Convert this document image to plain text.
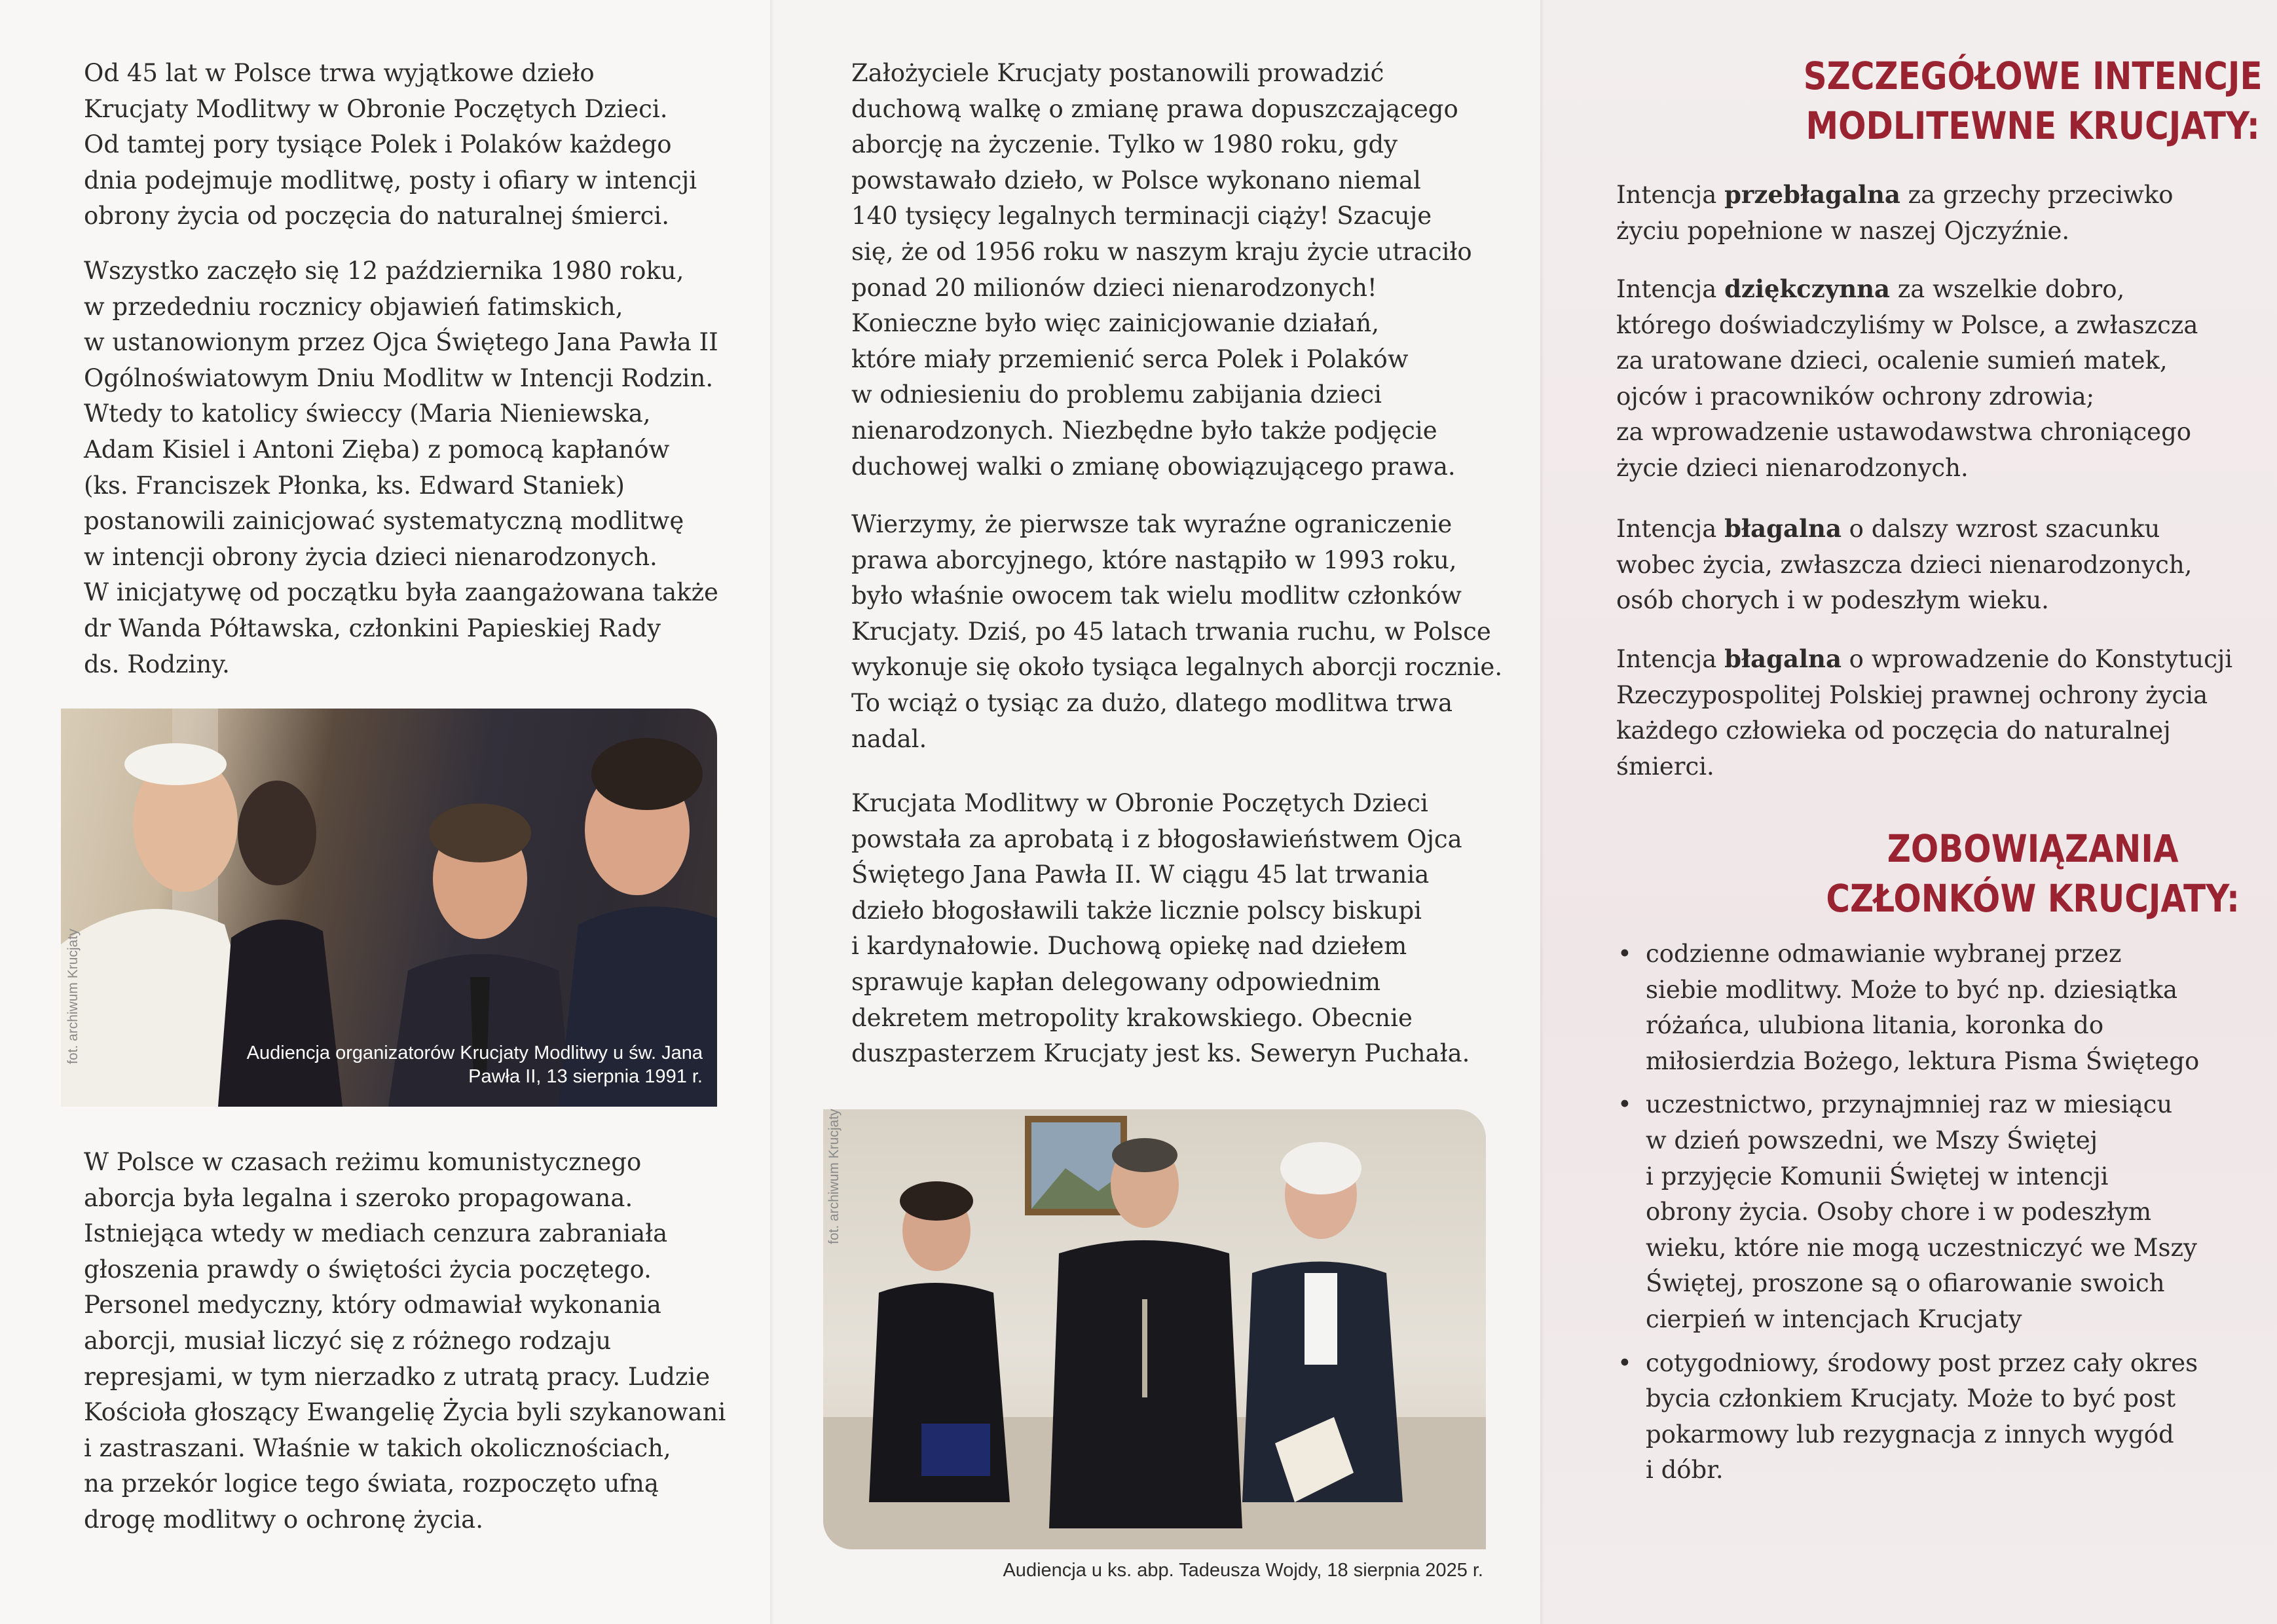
Od 45 lat w Polsce trwa wyjątkowe dzieło
Krucjaty Modlitwy w Obronie Poczętych Dzieci.
Od tamtej pory tysiące Polek i Polaków każdego
dnia podejmuje modlitwę, posty i ofiary w intencji
obrony życia od poczęcia do naturalnej śmierci.

Wszystko zaczęło się 12 października 1980 roku,
w przededniu rocznicy objawień fatimskich,
w ustanowionym przez Ojca Świętego Jana Pawła II
Ogólnoświatowym Dniu Modlitw w Intencji Rodzin.
Wtedy to katolicy świeccy (Maria Nieniewska,
Adam Kisiel i Antoni Zięba) z pomocą kapłanów
(ks. Franciszek Płonka, ks. Edward Staniek)
postanowili zainicjować systematyczną modlitwę
w intencji obrony życia dzieci nienarodzonych.
W inicjatywę od początku była zaangażowana także
dr Wanda Półtawska, członkini Papieskiej Rady
ds. Rodziny.

Audiencja organizatorów Krucjaty Modlitwy u św. Jana Pawła II, 13 sierpnia 1991 r.
fot. archiwum Krucjaty

W Polsce w czasach reżimu komunistycznego
aborcja była legalna i szeroko propagowana.
Istniejąca wtedy w mediach cenzura zabraniała
głoszenia prawdy o świętości życia poczętego.
Personel medyczny, który odmawiał wykonania
aborcji, musiał liczyć się z różnego rodzaju
represjami, w tym nierzadko z utratą pracy. Ludzie
Kościoła głoszący Ewangelię Życia byli szykanowani
i zastraszani. Właśnie w takich okolicznościach,
na przekór logice tego świata, rozpoczęto ufną
drogę modlitwy o ochronę życia.

Założyciele Krucjaty postanowili prowadzić
duchową walkę o zmianę prawa dopuszczającego
aborcję na życzenie. Tylko w 1980 roku, gdy
powstawało dzieło, w Polsce wykonano niemal
140 tysięcy legalnych terminacji ciąży! Szacuje
się, że od 1956 roku w naszym kraju życie utraciło
ponad 20 milionów dzieci nienarodzonych!
Konieczne było więc zainicjowanie działań,
które miały przemienić serca Polek i Polaków
w odniesieniu do problemu zabijania dzieci
nienarodzonych. Niezbędne było także podjęcie
duchowej walki o zmianę obowiązującego prawa.

Wierzymy, że pierwsze tak wyraźne ograniczenie
prawa aborcyjnego, które nastąpiło w 1993 roku,
było właśnie owocem tak wielu modlitw członków
Krucjaty. Dziś, po 45 latach trwania ruchu, w Polsce
wykonuje się około tysiąca legalnych aborcji rocznie.
To wciąż o tysiąc za dużo, dlatego modlitwa trwa
nadal.

Krucjata Modlitwy w Obronie Poczętych Dzieci
powstała za aprobatą i z błogosławieństwem Ojca
Świętego Jana Pawła II. W ciągu 45 lat trwania
dzieło błogosławili także licznie polscy biskupi
i kardynałowie. Duchową opiekę nad dziełem
sprawuje kapłan delegowany odpowiednim
dekretem metropolity krakowskiego. Obecnie
duszpasterzem Krucjaty jest ks. Seweryn Puchała.

fot. archiwum Krucjaty
Audiencja u ks. abp. Tadeusza Wojdy, 18 sierpnia 2025 r.
SZCZEGÓŁOWE INTENCJE
MODLITEWNE KRUCJATY:

Intencja przebłagalna za grzechy przeciwko
życiu popełnione w naszej Ojczyźnie.

Intencja dziękczynna za wszelkie dobro,
którego doświadczyliśmy w Polsce, a zwłaszcza
za uratowane dzieci, ocalenie sumień matek,
ojców i pracowników ochrony zdrowia;
za wprowadzenie ustawodawstwa chroniącego
życie dzieci nienarodzonych.

Intencja błagalna o dalszy wzrost szacunku
wobec życia, zwłaszcza dzieci nienarodzonych,
osób chorych i w podeszłym wieku.

Intencja błagalna o wprowadzenie do Konstytucji
Rzeczypospolitej Polskiej prawnej ochrony życia
każdego człowieka od poczęcia do naturalnej
śmierci.

ZOBOWIĄZANIA
CZŁONKÓW KRUCJATY:
• codzienne odmawianie wybranej przez
siebie modlitwy. Może to być np. dziesiątka
różańca, ulubiona litania, koronka do
miłosierdzia Bożego, lektura Pisma Świętego
• uczestnictwo, przynajmniej raz w miesiącu
w dzień powszedni, we Mszy Świętej
i przyjęcie Komunii Świętej w intencji
obrony życia. Osoby chore i w podeszłym
wieku, które nie mogą uczestniczyć we Mszy
Świętej, proszone są o ofiarowanie swoich
cierpień w intencjach Krucjaty
• cotygodniowy, środowy post przez cały okres
bycia członkiem Krucjaty. Może to być post
pokarmowy lub rezygnacja z innych wygód
i dóbr.
